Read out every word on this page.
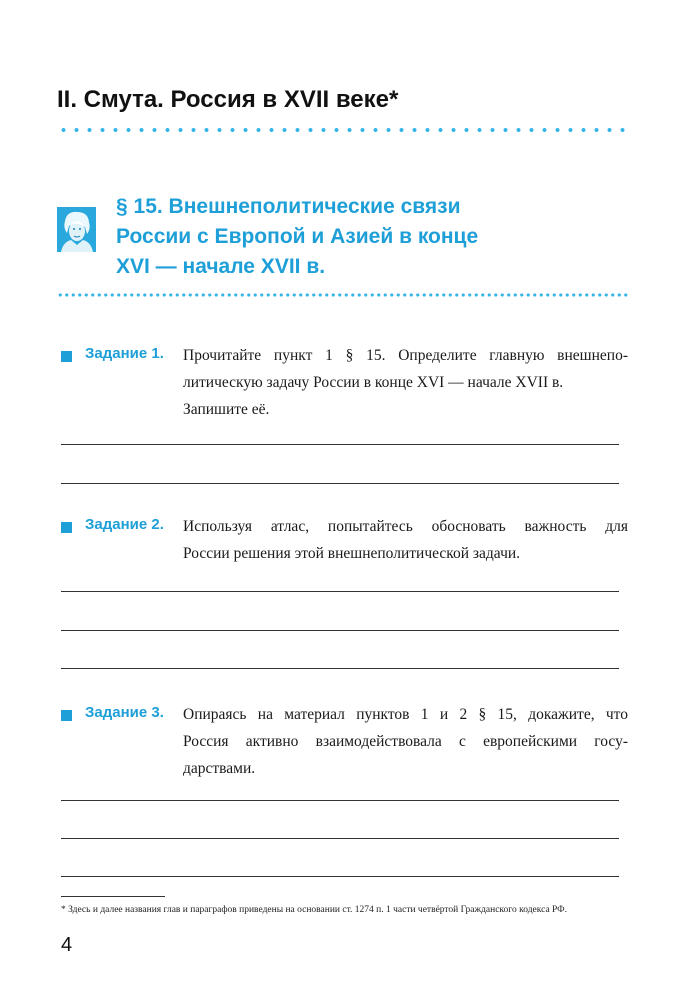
II. Смута. Россия в XVII веке*
§ 15. Внешнеполитические связи
России с Европой и Азией в конце
XVI — начале XVII в.
Задание 1. Прочитайте пункт 1 § 15. Определите главную внешнепо-
литическую задачу России в конце XVI — начале XVII в.
Запишите её.
Задание 2. Используя атлас, попытайтесь обосновать важность для
России решения этой внешнеполитической задачи.
Задание 3. Опираясь на материал пунктов 1 и 2 § 15, докажите, что
Россия активно взаимодействовала с европейскими госу-
дарствами.
* Здесь и далее названия глав и параграфов приведены на основании ст. 1274 п. 1 части четвёртой Гражданского кодекса РФ.
4
